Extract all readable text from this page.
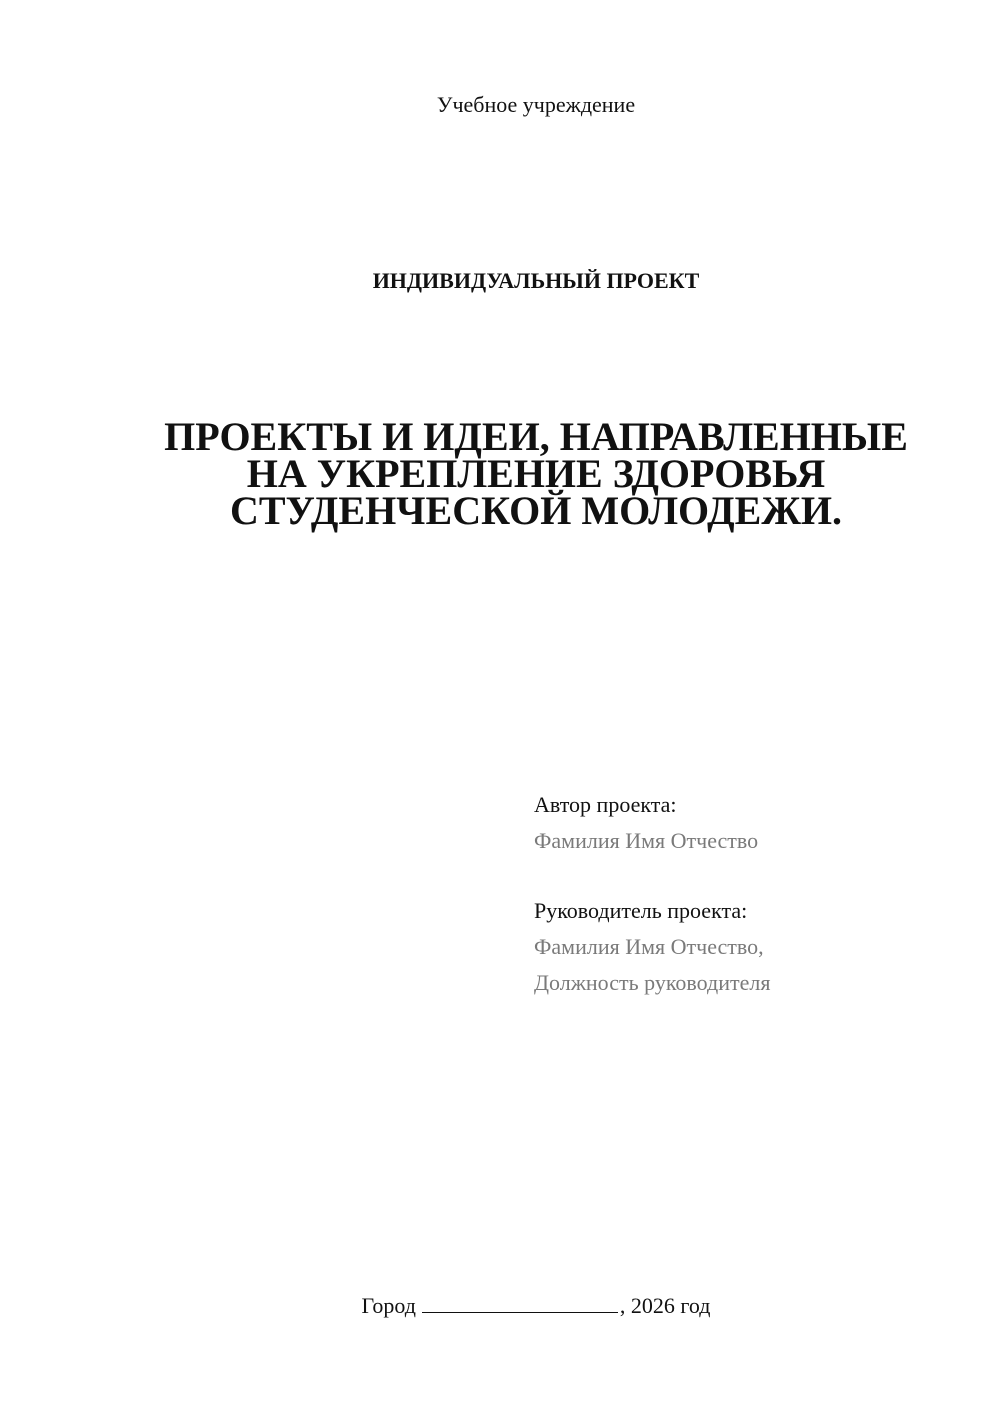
Учебное учреждение
ИНДИВИДУАЛЬНЫЙ ПРОЕКТ
ПРОЕКТЫ И ИДЕИ, НАПРАВЛЕННЫЕ
НА УКРЕПЛЕНИЕ ЗДОРОВЬЯ
СТУДЕНЧЕСКОЙ МОЛОДЕЖИ.
Автор проекта:
Фамилия Имя Отчество
Руководитель проекта:
Фамилия Имя Отчество,
Должность руководителя
Город	, 2026 год
